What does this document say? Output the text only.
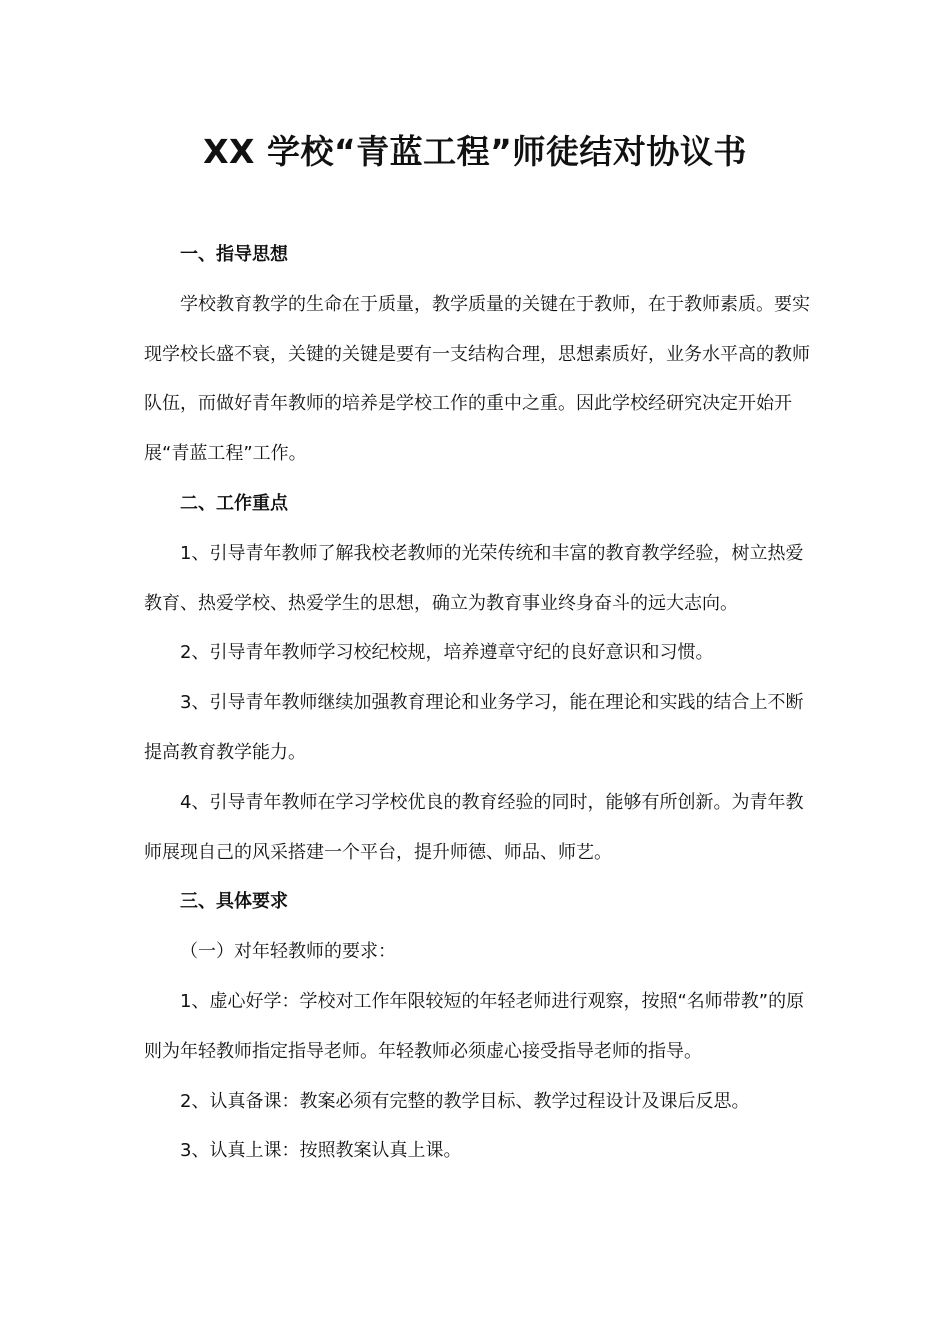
XX 学校“青蓝工程”师徒结对协议书

一、指导思想

学校教育教学的生命在于质量，教学质量的关键在于教师，在于教师素质。要实现学校长盛不衰，关键的关键是要有一支结构合理，思想素质好，业务水平高的教师队伍，而做好青年教师的培养是学校工作的重中之重。因此学校经研究决定开始开展“青蓝工程”工作。

二、工作重点

1、引导青年教师了解我校老教师的光荣传统和丰富的教育教学经验，树立热爱教育、热爱学校、热爱学生的思想，确立为教育事业终身奋斗的远大志向。

2、引导青年教师学习校纪校规，培养遵章守纪的良好意识和习惯。

3、引导青年教师继续加强教育理论和业务学习，能在理论和实践的结合上不断提高教育教学能力。

4、引导青年教师在学习学校优良的教育经验的同时，能够有所创新。为青年教师展现自己的风采搭建一个平台，提升师德、师品、师艺。

三、具体要求

（一）对年轻教师的要求：

1、虚心好学：学校对工作年限较短的年轻老师进行观察，按照“名师带教”的原则为年轻教师指定指导老师。年轻教师必须虚心接受指导老师的指导。

2、认真备课：教案必须有完整的教学目标、教学过程设计及课后反思。

3、认真上课：按照教案认真上课。
